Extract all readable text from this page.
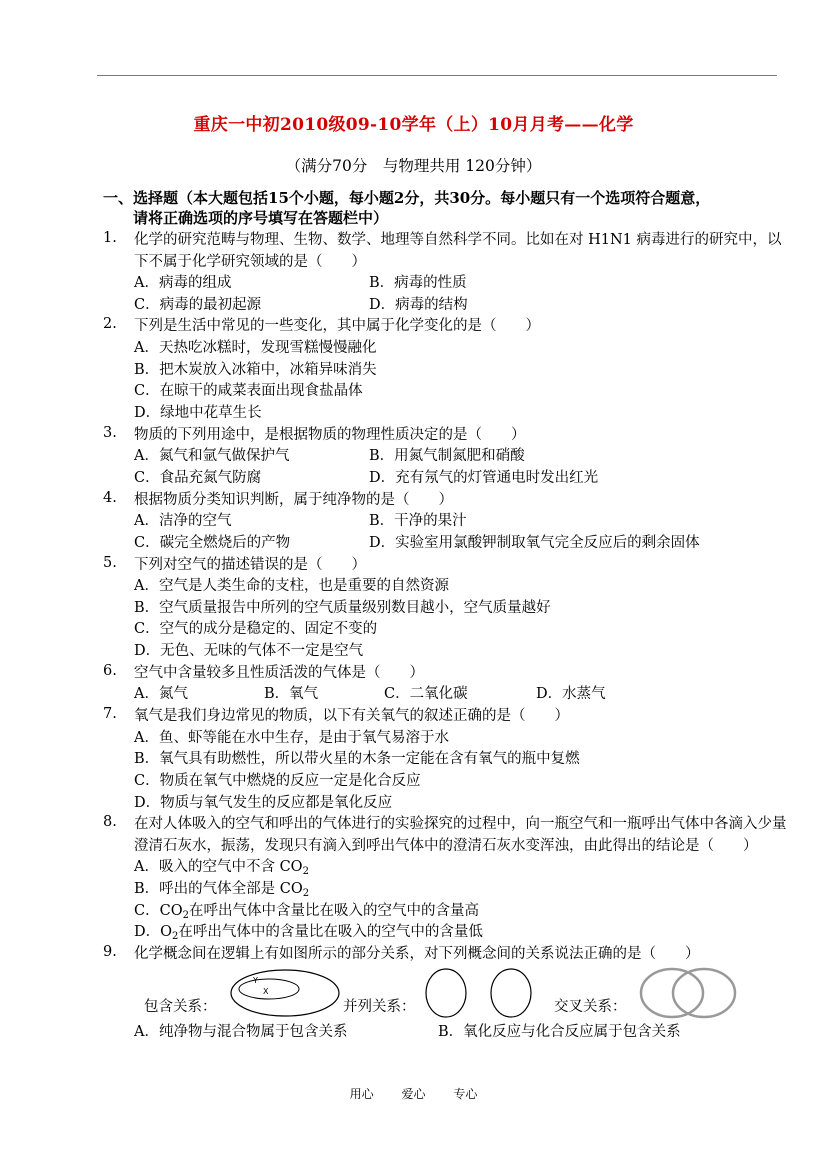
重庆一中初2010级09-10学年（上）10月月考——化学
（满分70分　与物理共用 120分钟）
一、选择题（本大题包括15个小题，每小题2分，共30分。每小题只有一个选项符合题意，
请将正确选项的序号填写在答题栏中）
1. 化学的研究范畴与物理、生物、数学、地理等自然科学不同。比如在对 H1N1 病毒进行的研究中，以下不属于化学研究领域的是（　　）
A．病毒的组成	B．病毒的性质
C．病毒的最初起源	D．病毒的结构
2. 下列是生活中常见的一些变化，其中属于化学变化的是（　　）
A．天热吃冰糕时，发现雪糕慢慢融化
B．把木炭放入冰箱中，冰箱异味消失
C．在晾干的咸菜表面出现食盐晶体
D．绿地中花草生长
3. 物质的下列用途中，是根据物质的物理性质决定的是（　　）
A．氮气和氩气做保护气	B．用氮气制氮肥和硝酸
C．食品充氮气防腐	D．充有氖气的灯管通电时发出红光
4. 根据物质分类知识判断，属于纯净物的是（　　）
A．洁净的空气	B．干净的果汁
C．碳完全燃烧后的产物	D．实验室用氯酸钾制取氧气完全反应后的剩余固体
5. 下列对空气的描述错误的是（　　）
A．空气是人类生命的支柱，也是重要的自然资源
B．空气质量报告中所列的空气质量级别数目越小，空气质量越好
C．空气的成分是稳定的、固定不变的
D．无色、无味的气体不一定是空气
6. 空气中含量较多且性质活泼的气体是（　　）
A．氮气	B．氧气	C．二氧化碳	D．水蒸气
7. 氧气是我们身边常见的物质，以下有关氧气的叙述正确的是（　　）
A．鱼、虾等能在水中生存，是由于氧气易溶于水
B．氧气具有助燃性，所以带火星的木条一定能在含有氧气的瓶中复燃
C．物质在氧气中燃烧的反应一定是化合反应
D．物质与氧气发生的反应都是氧化反应
8. 在对人体吸入的空气和呼出的气体进行的实验探究的过程中，向一瓶空气和一瓶呼出气体中各滴入少量澄清石灰水，振荡，发现只有滴入到呼出气体中的澄清石灰水变浑浊，由此得出的结论是（　　）
A．吸入的空气中不含 $CO_2$
B．呼出的气体全部是 $CO_2$
C．$CO_2$在呼出气体中含量比在吸入的空气中的含量高
D．$O_2$在呼出气体中的含量比在吸入的空气中的含量低
9. 化学概念间在逻辑上有如图所示的部分关系，对下列概念间的关系说法正确的是（　　）
包含关系：
Y
X
并列关系：	交叉关系：
A．纯净物与混合物属于包含关系	B．氧化反应与化合反应属于包含关系
用心 爱心 专心
